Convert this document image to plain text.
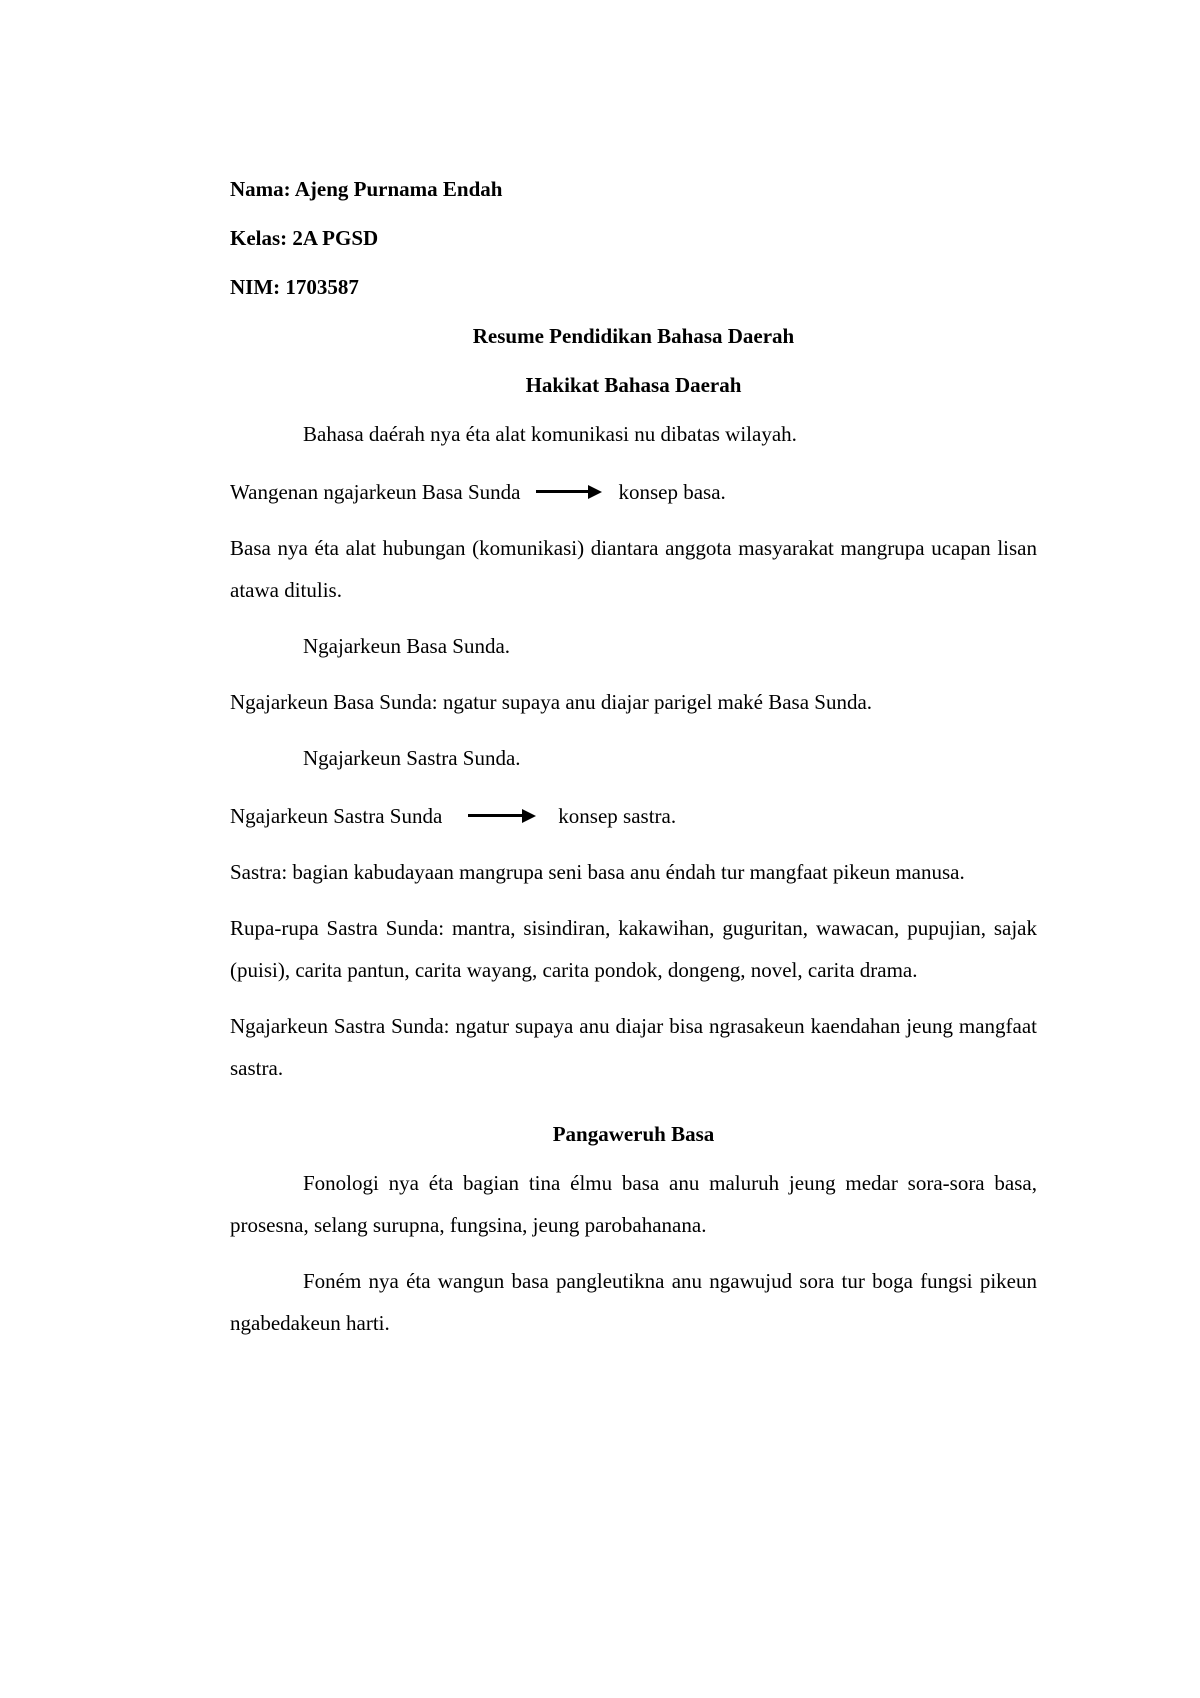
Nama: Ajeng Purnama Endah
Kelas: 2A PGSD
NIM: 1703587
Resume Pendidikan Bahasa Daerah
Hakikat Bahasa Daerah
Bahasa daérah nya éta alat komunikasi nu dibatas wilayah.
Wangenan ngajarkeun Basa Sunda	konsep basa.
Basa nya éta alat hubungan (komunikasi) diantara anggota masyarakat mangrupa ucapan lisan atawa ditulis.
Ngajarkeun Basa Sunda.
Ngajarkeun Basa Sunda: ngatur supaya anu diajar parigel maké Basa Sunda.
Ngajarkeun Sastra Sunda.
Ngajarkeun Sastra Sunda	konsep sastra.
Sastra: bagian kabudayaan mangrupa seni basa anu éndah tur mangfaat pikeun manusa.
Rupa-rupa Sastra Sunda: mantra, sisindiran, kakawihan, guguritan, wawacan, pupujian, sajak (puisi), carita pantun, carita wayang, carita pondok, dongeng, novel, carita drama.
Ngajarkeun Sastra Sunda: ngatur supaya anu diajar bisa ngrasakeun kaendahan jeung mangfaat sastra.
Pangaweruh Basa
Fonologi nya éta bagian tina élmu basa anu maluruh jeung medar sora-sora basa, prosesna, selang surupna, fungsina, jeung parobahanana.
Foném nya éta wangun basa pangleutikna anu ngawujud sora tur boga fungsi pikeun ngabedakeun harti.
